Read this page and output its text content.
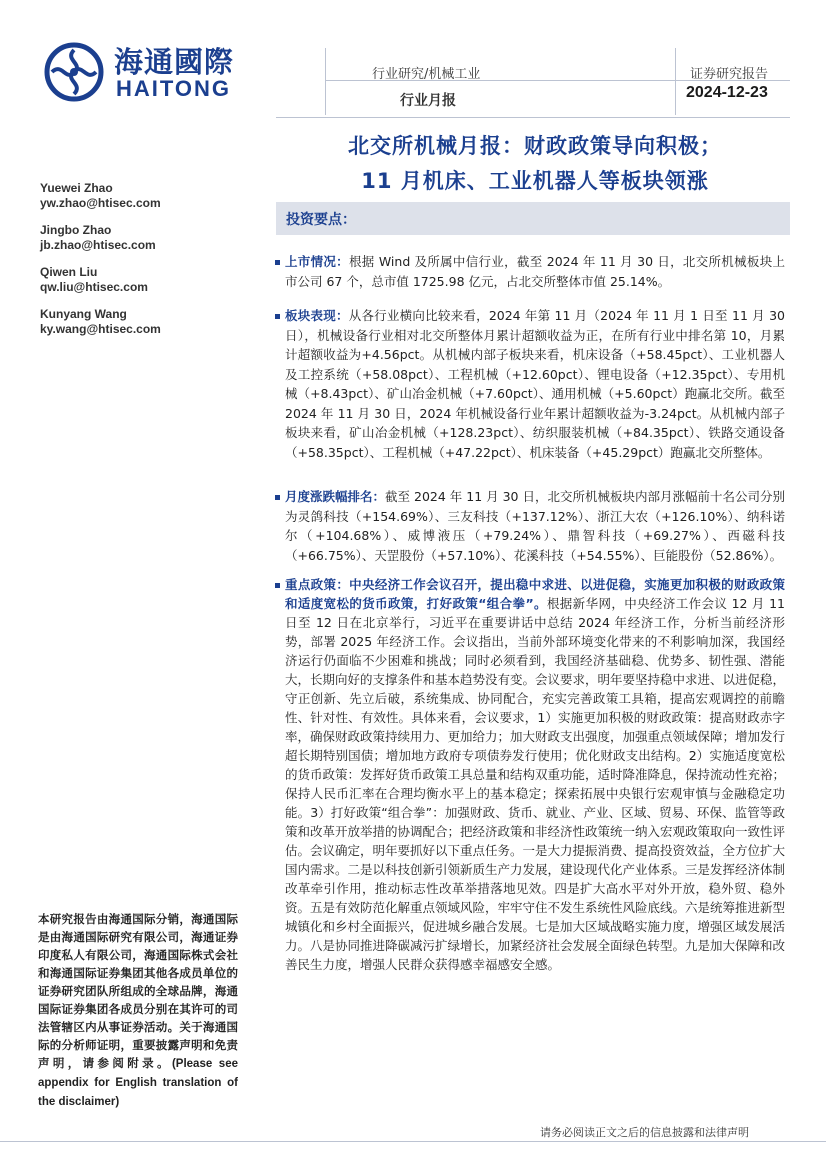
海通國際
HAITONG
行业研究/机械工业
行业月报
证券研究报告
2024-12-23
北交所机械月报：财政政策导向积极；
11 月机床、工业机器人等板块领涨
Yuewei Zhao
yw.zhao@htisec.com
Jingbo Zhao
jb.zhao@htisec.com
Qiwen Liu
qw.liu@htisec.com
Kunyang Wang
ky.wang@htisec.com
投资要点：
上市情况：根据 Wind 及所属中信行业，截至 2024 年 11 月 30 日，北交所机械板块上市公司 67 个，总市值 1725.98 亿元，占北交所整体市值 25.14%。
板块表现：从各行业横向比较来看，2024 年第 11 月（2024 年 11 月 1 日至 11 月 30 日），机械设备行业相对北交所整体月累计超额收益为正，在所有行业中排名第 10，月累计超额收益为+4.56pct。从机械内部子板块来看，机床设备（+58.45pct）、工业机器人及工控系统（+58.08pct）、工程机械（+12.60pct）、锂电设备（+12.35pct）、专用机械（+8.43pct）、矿山冶金机械（+7.60pct）、通用机械（+5.60pct）跑赢北交所。截至 2024 年 11 月 30 日，2024 年机械设备行业年累计超额收益为-3.24pct。从机械内部子板块来看，矿山冶金机械（+128.23pct）、纺织服装机械（+84.35pct）、铁路交通设备（+58.35pct）、工程机械（+47.22pct）、机床装备（+45.29pct）跑赢北交所整体。
月度涨跌幅排名：截至 2024 年 11 月 30 日，北交所机械板块内部月涨幅前十名公司分别为灵鸽科技（+154.69%）、三友科技（+137.12%）、浙江大农（+126.10%）、纳科诺尔（+104.68%）、威博液压（+79.24%）、鼎智科技（+69.27%）、西磁科技（+66.75%）、天罡股份（+57.10%）、花溪科技（+54.55%）、巨能股份（52.86%）。
重点政策：中央经济工作会议召开，提出稳中求进、以进促稳，实施更加积极的财政政策和适度宽松的货币政策，打好政策“组合拳”。根据新华网，中央经济工作会议 12 月 11 日至 12 日在北京举行，习近平在重要讲话中总结 2024 年经济工作，分析当前经济形势，部署 2025 年经济工作。会议指出，当前外部环境变化带来的不利影响加深，我国经济运行仍面临不少困难和挑战；同时必须看到，我国经济基础稳、优势多、韧性强、潜能大，长期向好的支撑条件和基本趋势没有变。会议要求，明年要坚持稳中求进、以进促稳，守正创新、先立后破，系统集成、协同配合，充实完善政策工具箱，提高宏观调控的前瞻性、针对性、有效性。具体来看，会议要求，1）实施更加积极的财政政策：提高财政赤字率，确保财政政策持续用力、更加给力；加大财政支出强度，加强重点领域保障；增加发行超长期特别国债；增加地方政府专项债券发行使用；优化财政支出结构。2）实施适度宽松的货币政策：发挥好货币政策工具总量和结构双重功能，适时降准降息，保持流动性充裕；保持人民币汇率在合理均衡水平上的基本稳定；探索拓展中央银行宏观审慎与金融稳定功能。3）打好政策“组合拳”：加强财政、货币、就业、产业、区域、贸易、环保、监管等政策和改革开放举措的协调配合；把经济政策和非经济性政策统一纳入宏观政策取向一致性评估。会议确定，明年要抓好以下重点任务。一是大力提振消费、提高投资效益，全方位扩大国内需求。二是以科技创新引领新质生产力发展，建设现代化产业体系。三是发挥经济体制改革牵引作用，推动标志性改革举措落地见效。四是扩大高水平对外开放，稳外贸、稳外资。五是有效防范化解重点领域风险，牢牢守住不发生系统性风险底线。六是统筹推进新型城镇化和乡村全面振兴，促进城乡融合发展。七是加大区域战略实施力度，增强区域发展活力。八是协同推进降碳减污扩绿增长，加紧经济社会发展全面绿色转型。九是加大保障和改善民生力度，增强人民群众获得感幸福感安全感。
本研究报告由海通国际分销，海通国际是由海通国际研究有限公司，海通证券印度私人有限公司，海通国际株式会社和海通国际证券集团其他各成员单位的证券研究团队所组成的全球品牌，海通国际证券集团各成员分别在其许可的司法管辖区内从事证券活动。关于海通国际的分析师证明，重要披露声明和免责声明，请参阅附录。(Please see appendix for English translation of the disclaimer)
请务必阅读正文之后的信息披露和法律声明
